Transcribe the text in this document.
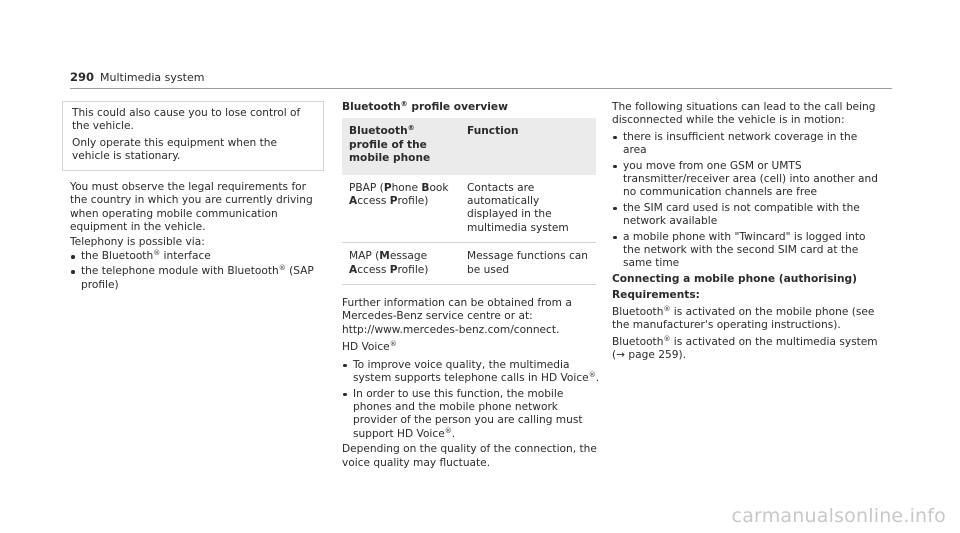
290 Multimedia system

This could also cause you to lose control of the vehicle.

Only operate this equipment when the vehicle is stationary.

You must observe the legal requirements for the country in which you are currently driving when operating mobile communication equipment in the vehicle.

Telephony is possible via:

the Bluetooth® interface
the telephone module with Bluetooth® (SAP profile)
Bluetooth® profile overview
Bluetooth® profile of the mobile phone	Function
PBAP (Phone Book
Access Profile)	Contacts are automatically displayed in the multimedia system
MAP (Message
Access Profile)	Message functions can be used

Further information can be obtained from a Mercedes-Benz service centre or at: http://www.mercedes-benz.com/connect.

HD Voice®

To improve voice quality, the multimedia system supports telephone calls in HD Voice®.
In order to use this function, the mobile phones and the mobile phone network provider of the person you are calling must support HD Voice®.

Depending on the quality of the connection, the voice quality may fluctuate.

The following situations can lead to the call being disconnected while the vehicle is in motion:

there is insufficient network coverage in the area
you move from one GSM or UMTS transmitter/receiver area (cell) into another and no communication channels are free
the SIM card used is not compatible with the network available
a mobile phone with "Twincard" is logged into the network with the second SIM card at the same time

Connecting a mobile phone (authorising)

Requirements:

Bluetooth® is activated on the mobile phone (see the manufacturer's operating instructions).

Bluetooth® is activated on the multimedia system (→ page 259).

carmanualsonline.info
